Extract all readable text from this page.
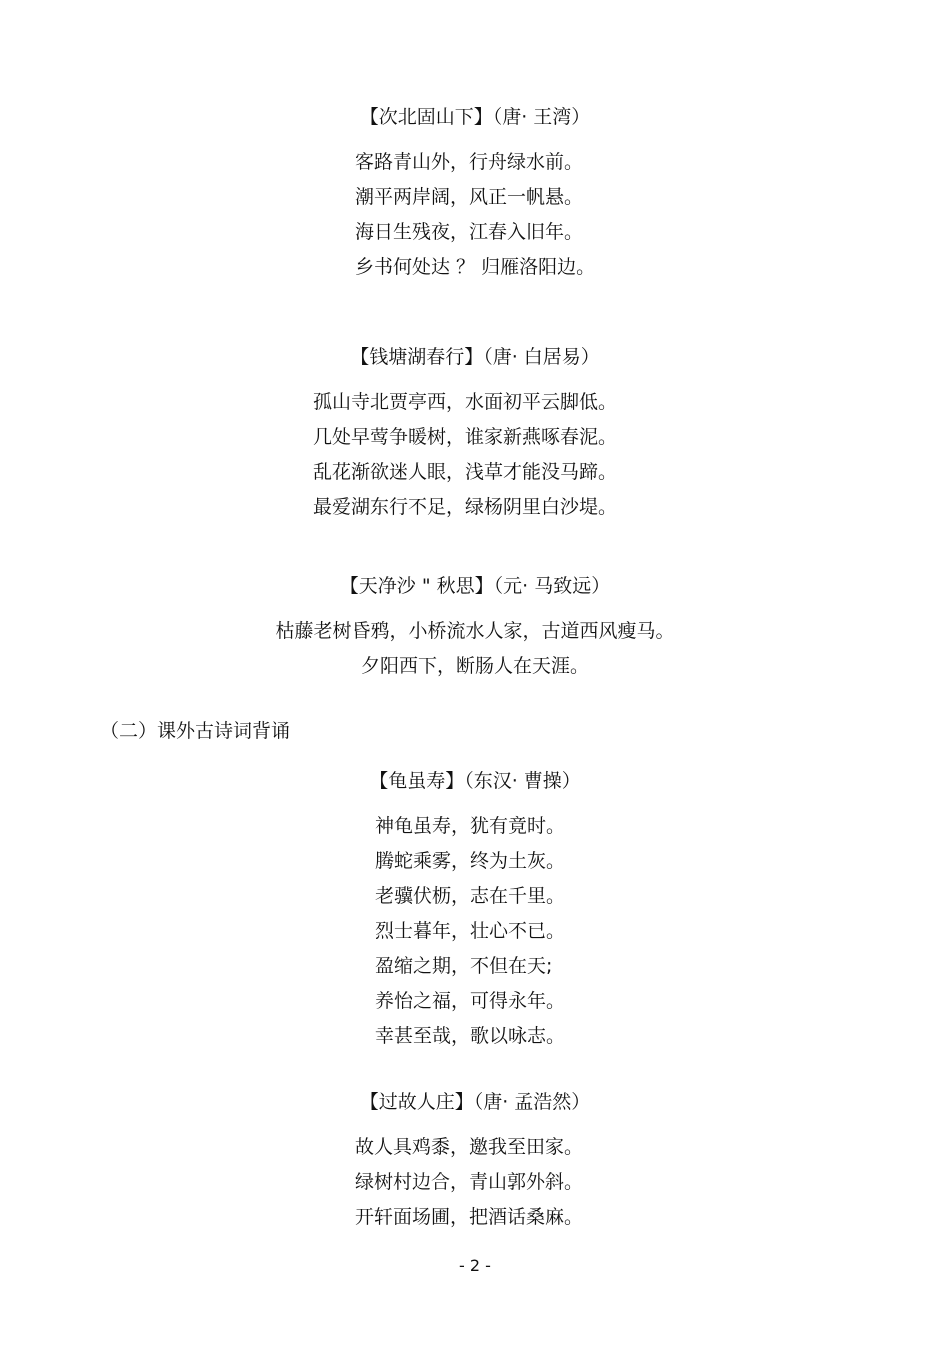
【次北固山下】（唐· 王湾）
客路青山外，行舟绿水前。
潮平两岸阔，风正一帆悬。
海日生残夜，江春入旧年。
乡书何处达 ？ 归雁洛阳边。
【钱塘湖春行】（唐· 白居易）
孤山寺北贾亭西，水面初平云脚低。
几处早莺争暖树，谁家新燕啄春泥。
乱花渐欲迷人眼，浅草才能没马蹄。
最爱湖东行不足，绿杨阴里白沙堤。
【天净沙 " 秋思】（元· 马致远）
枯藤老树昏鸦，小桥流水人家，古道西风瘦马。
夕阳西下，断肠人在天涯。
（二）课外古诗词背诵
【龟虽寿】（东汉· 曹操）
神龟虽寿，犹有竟时。
腾蛇乘雾，终为土灰。
老骥伏枥，志在千里。
烈士暮年，壮心不已。
盈缩之期，不但在天;
养怡之福，可得永年。
幸甚至哉，歌以咏志。
【过故人庄】（唐· 孟浩然）
故人具鸡黍，邀我至田家。
绿树村边合，青山郭外斜。
开轩面场圃，把酒话桑麻。
- 2 -
